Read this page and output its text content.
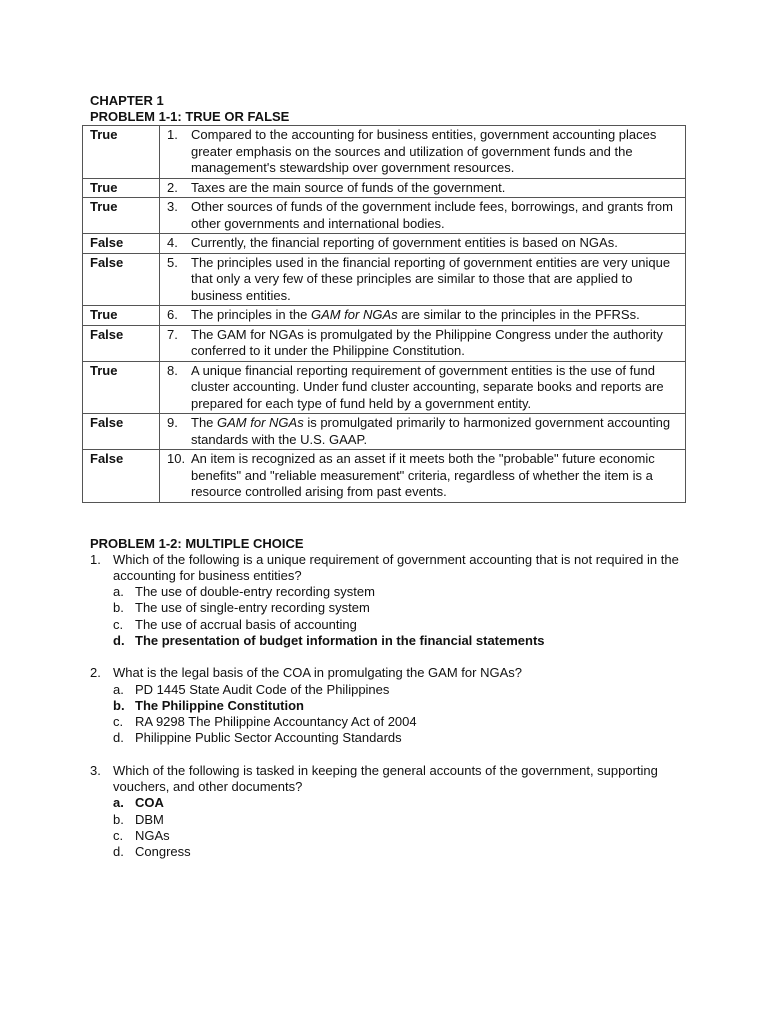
CHAPTER 1
PROBLEM 1-1: TRUE OR FALSE
True	1. Compared to the accounting for business entities, government accounting places greater emphasis on the sources and utilization of government funds and the management's stewardship over government resources.

True	2. Taxes are the main source of funds of the government.

True	3. Other sources of funds of the government include fees, borrowings, and grants from other governments and international bodies.

False	4. Currently, the financial reporting of government entities is based on NGAs.

False	5. The principles used in the financial reporting of government entities are very unique that only a very few of these principles are similar to those that are applied to business entities.

True	6. The principles in the GAM for NGAs are similar to the principles in the PFRSs.

False	7. The GAM for NGAs is promulgated by the Philippine Congress under the authority conferred to it under the Philippine Constitution.

True	8. A unique financial reporting requirement of government entities is the use of fund cluster accounting. Under fund cluster accounting, separate books and reports are prepared for each type of fund held by a government entity.

False	9. The GAM for NGAs is promulgated primarily to harmonized government accounting standards with the U.S. GAAP.

False	10. An item is recognized as an asset if it meets both the "probable" future economic benefits" and "reliable measurement" criteria, regardless of whether the item is a resource controlled arising from past events.
PROBLEM 1-2: MULTIPLE CHOICE
1. Which of the following is a unique requirement of government accounting that is not required in the accounting for business entities?
a. The use of double-entry recording system
b. The use of single-entry recording system
c. The use of accrual basis of accounting
d. The presentation of budget information in the financial statements
2. What is the legal basis of the COA in promulgating the GAM for NGAs?
a. PD 1445 State Audit Code of the Philippines
b. The Philippine Constitution
c. RA 9298 The Philippine Accountancy Act of 2004
d. Philippine Public Sector Accounting Standards
3. Which of the following is tasked in keeping the general accounts of the government, supporting vouchers, and other documents?
a. COA
b. DBM
c. NGAs
d. Congress
